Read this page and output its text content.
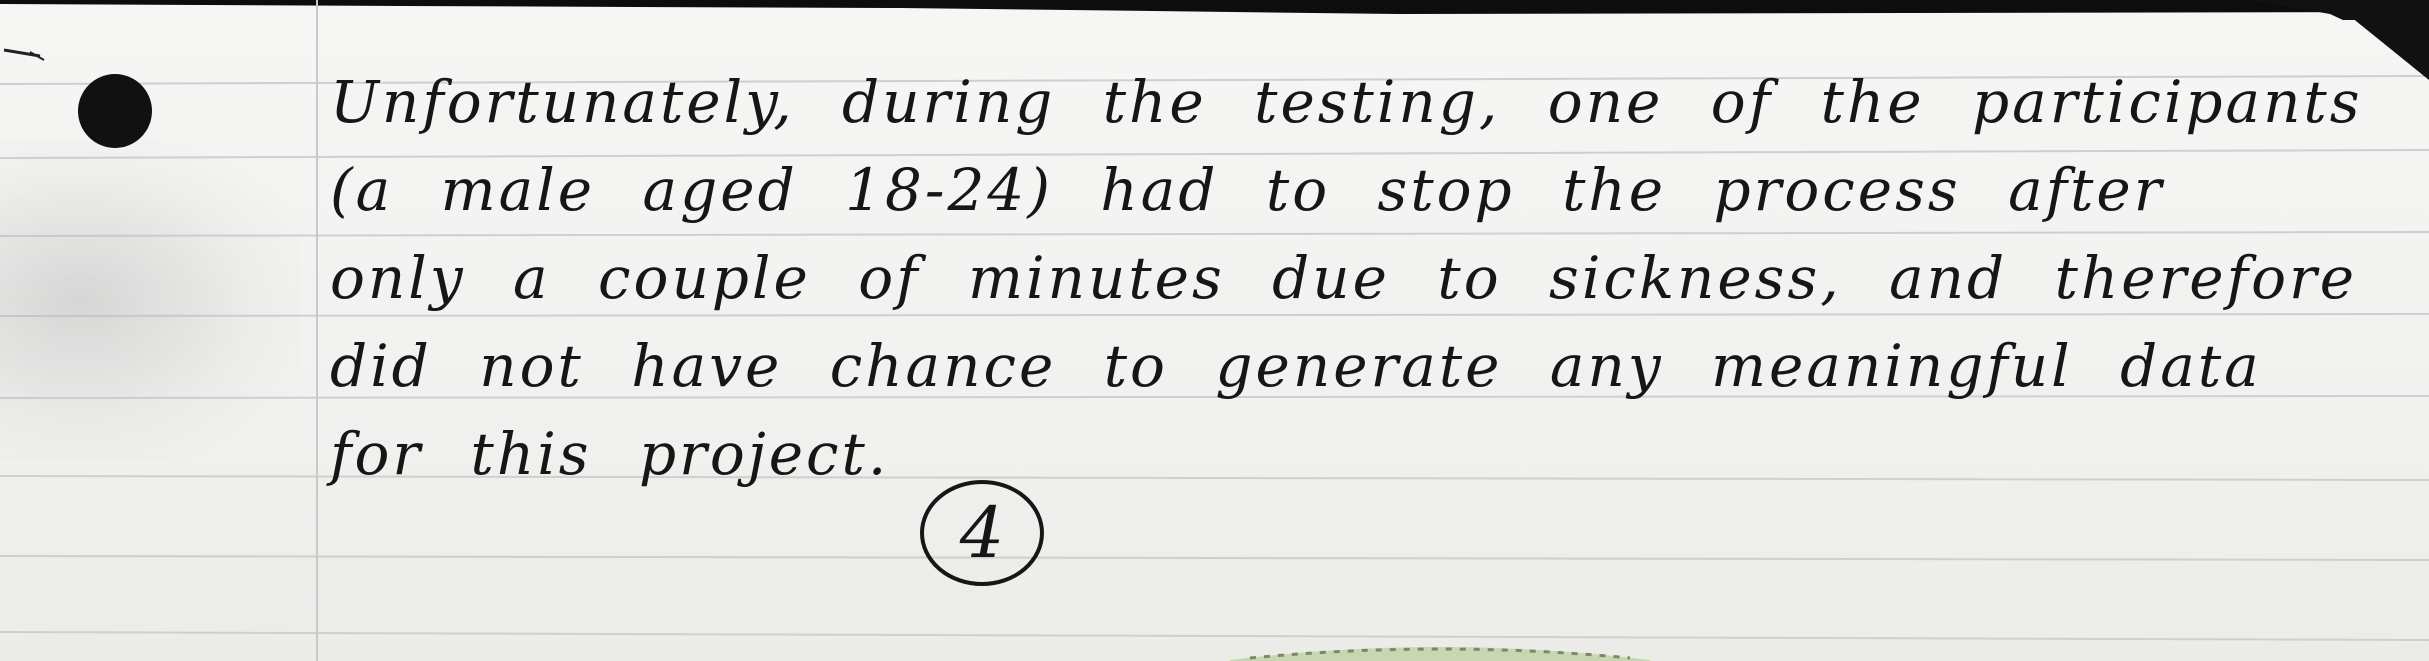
Unfortunately, during the testing, one of the participants
(a male aged 18-24) had to stop the process after
only a couple of minutes due to sickness, and therefore
did not have chance to generate any meaningful data
for this project.
4
